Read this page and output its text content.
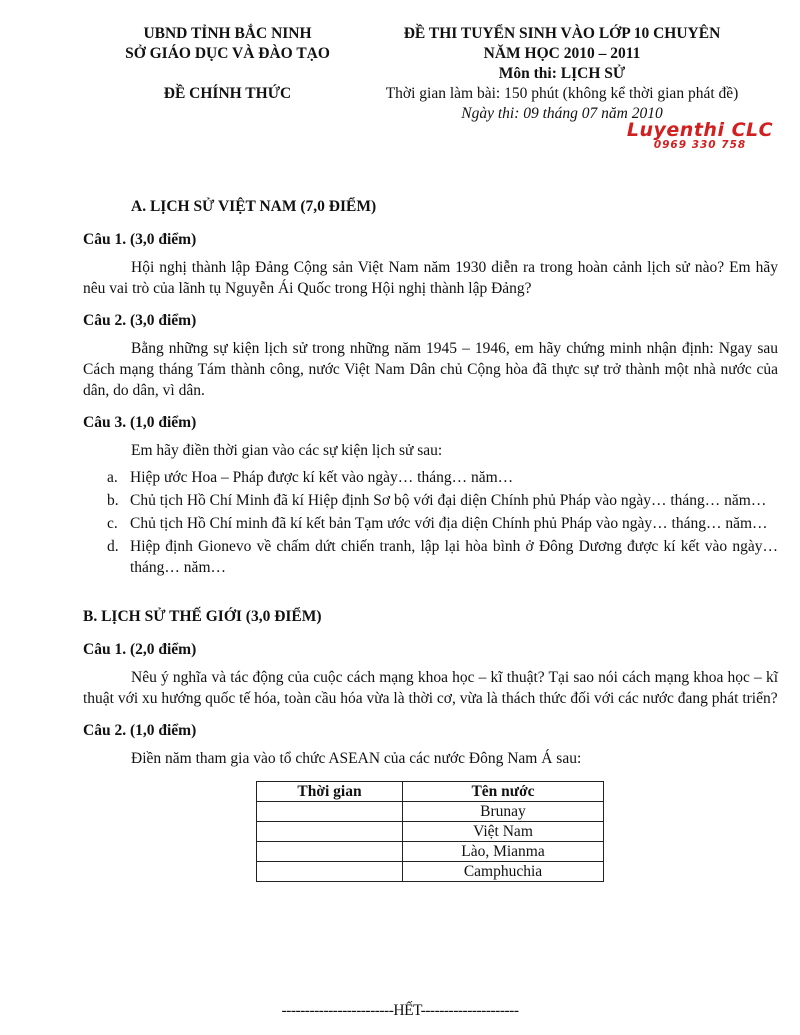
UBND TỈNH BẮC NINH
SỞ GIÁO DỤC VÀ ĐÀO TẠO
ĐỀ CHÍNH THỨC
ĐỀ THI TUYỂN SINH VÀO LỚP 10 CHUYÊN
NĂM HỌC 2010 – 2011
Môn thi: LỊCH SỬ
Thời gian làm bài: 150 phút (không kể thời gian phát đề)
Ngày thi: 09 tháng 07 năm 2010
Luyenthi CLC
0969 330 758
A. LỊCH SỬ VIỆT NAM (7,0 ĐIỂM)
Câu 1. (3,0 điểm)

Hội nghị thành lập Đảng Cộng sản Việt Nam năm 1930 diễn ra trong hoàn cảnh lịch sử nào? Em hãy nêu vai trò của lãnh tụ Nguyễn Ái Quốc trong Hội nghị thành lập Đảng?

Câu 2. (3,0 điểm)

Bằng những sự kiện lịch sử trong những năm 1945 – 1946, em hãy chứng minh nhận định: Ngay sau Cách mạng tháng Tám thành công, nước Việt Nam Dân chủ Cộng hòa đã thực sự trở thành một nhà nước của dân, do dân, vì dân.

Câu 3. (1,0 điểm)

Em hãy điền thời gian vào các sự kiện lịch sử sau:

a. Hiệp ước Hoa – Pháp được kí kết vào ngày… tháng… năm…
b. Chủ tịch Hồ Chí Minh đã kí Hiệp định Sơ bộ với đại diện Chính phủ Pháp vào ngày… tháng… năm…
c. Chủ tịch Hồ Chí minh đã kí kết bản Tạm ước với địa diện Chính phủ Pháp vào ngày… tháng… năm…
d. Hiệp định Gionevo về chấm dứt chiến tranh, lập lại hòa bình ở Đông Dương được kí kết vào ngày… tháng… năm…
B. LỊCH SỬ THẾ GIỚI (3,0 ĐIỂM)
Câu 1. (2,0 điểm)

Nêu ý nghĩa và tác động của cuộc cách mạng khoa học – kĩ thuật? Tại sao nói cách mạng khoa học – kĩ thuật với xu hướng quốc tế hóa, toàn cầu hóa vừa là thời cơ, vừa là thách thức đối với các nước đang phát triển?

Câu 2. (1,0 điểm)

Điền năm tham gia vào tổ chức ASEAN của các nước Đông Nam Á sau:

Thời gian	Tên nước
	Brunay
	Việt Nam
	Lào, Mianma
	Camphuchia
------------------------HẾT---------------------
